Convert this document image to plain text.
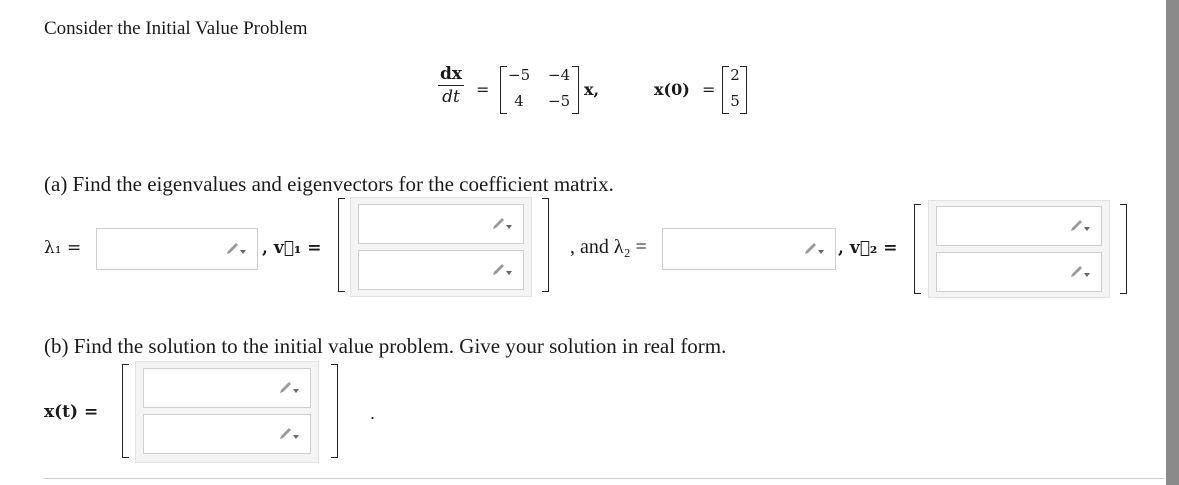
Consider the Initial Value Problem
dx
dt =
−5 −4
4	−5
x,	x(0) =
2
5
(a) Find the eigenvalues and eigenvectors for the coefficient matrix.
λ₁ =	, v⃗₁ =	, and λ₂ =	, v⃗₂ =
(b) Find the solution to the initial value problem. Give your solution in real form.
x(t) =	.
